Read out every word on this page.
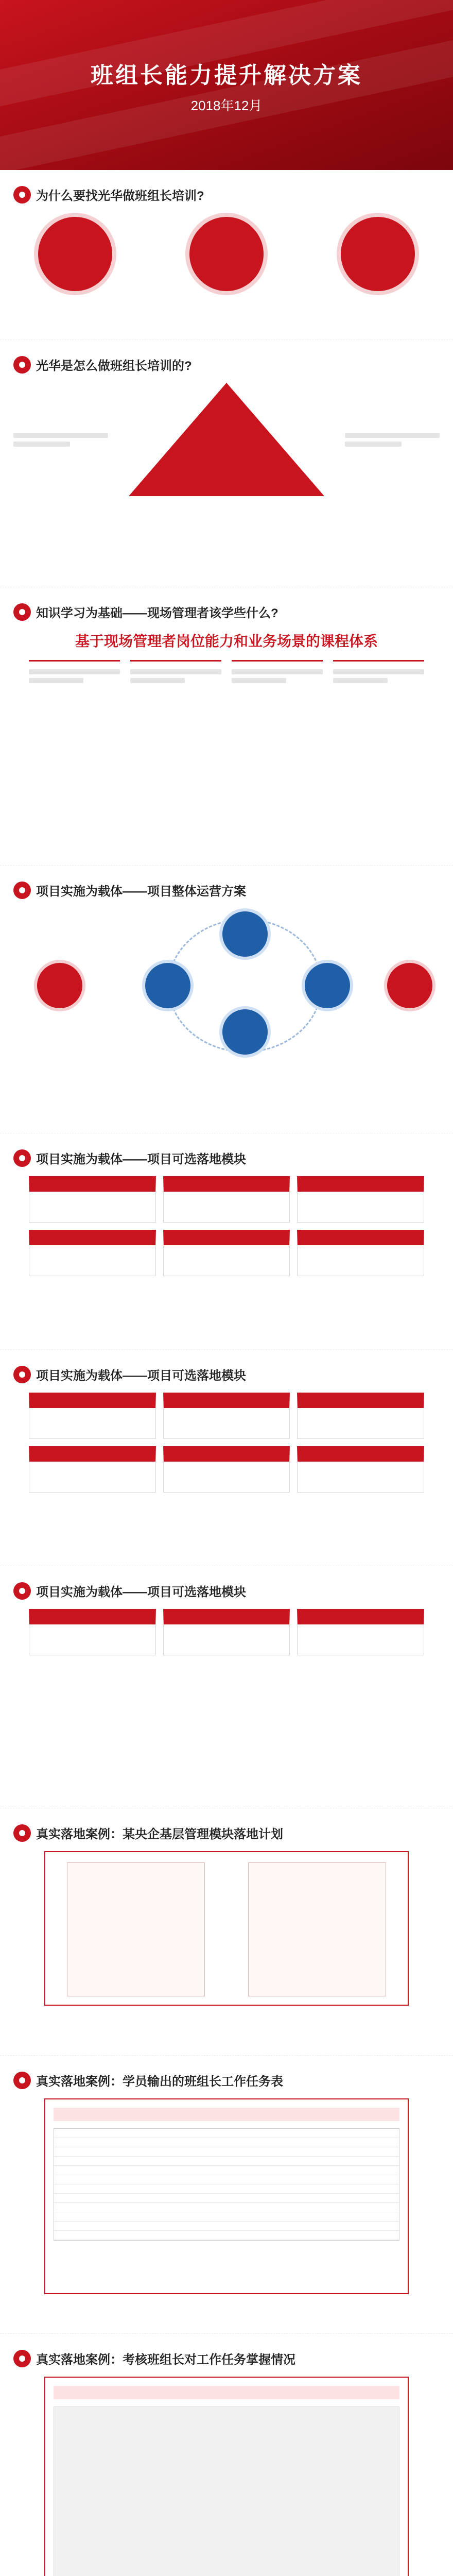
班组长能力提升解决方案
2018年12月
为什么要找光华做班组长培训?
光华是怎么做班组长培训的?
知识学习为基础——现场管理者该学些什么?
基于现场管理者岗位能力和业务场景的课程体系
项目实施为载体——项目整体运营方案
项目实施为载体——项目可选落地模块
项目实施为载体——项目可选落地模块
项目实施为载体——项目可选落地模块
真实落地案例：某央企基层管理模块落地计划
真实落地案例：学员输出的班组长工作任务表
真实落地案例：考核班组长对工作任务掌握情况
